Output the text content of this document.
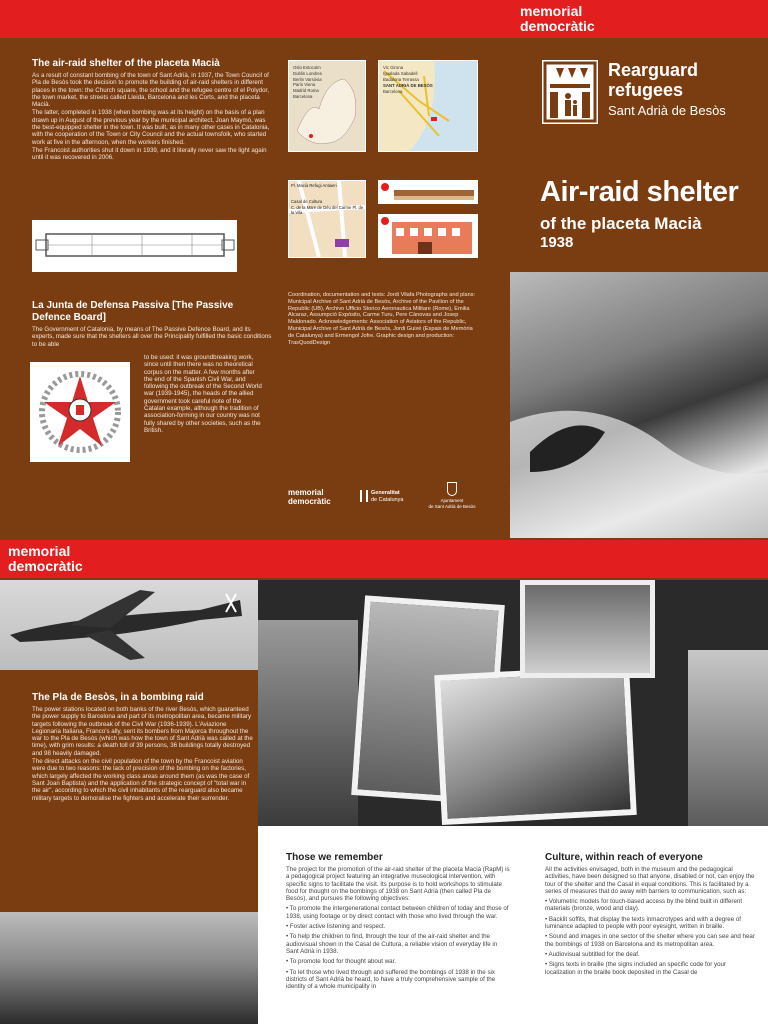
memorial
democràtic
The air-raid shelter of the placeta Macià

As a result of constant bombing of the town of Sant Adrià, in 1937, the Town Council of Pla de Besòs took the decision to promote the building of air-raid shelters in different places in the town: the Church square, the school and the refugee centre of el Polydor, the town market, the streets called Lleida, Barcelona and les Corts, and the placeta Macià.

The latter, completed in 1938 (when bombing was at its height) on the basis of a plan drawn up in August of the previous year by the municipal architect, Joan Maymó, was the best-equipped shelter in the town. It was built, as in many other cases in Catalonia, with the cooperation of the Town or City Council and the actual townsfolk, who started work at five in the afternoon, when the workers finished.

The Francoist authorities shut it down in 1939, and it literally never saw the light again until it was recovered in 2006.

La Junta de Defensa Passiva [The Passive Defence Board]
The Government of Catalonia, by means of The Passive Defence Board, and its experts, made sure that the shelters all over the Principality fulfilled the basic conditions to be able
to be used: it was groundbreaking work, since until then there was no theoretical corpus on the matter. A few months after the end of the Spanish Civil War, and following the outbreak of the Second World war (1939-1945), the heads of the allied government took careful note of the Catalan example, although the tradition of association-forming in our country was not fully shared by other societies, such as the British.
Oslo Estocolm
Dublin Londres
Berlin Varsòvia
París Viena
Madrid Roma
Barcelona
Vic Girona
Igualada Sabadell
Badalona Terrassa
SANT ADRIÀ DE BESÒS
Barcelona
Pl. Macià Refugi Antiaeri

Casal de Cultura
C. de la Mare de Déu del Carme Pl. de la Vila
Coordination, documentation and texts: Jordi Vilafa Photographs and plans: Municipal Archive of Sant Adrià de Besòs, Archive of the Pavilion of the Republic (UB), Archivo Ufficio Storico Aeronautica Militare (Rome), Emilia Alcaraz, Assumpció Expósito, Carme Turu, Pere Cànovas and Josep Maldonado. Acknowledgements: Association of Aviators of the Republic, Municipal Archive of Sant Adrià de Besòs, Jordi Guixé (Espais de Memòria de Catalunya) and Ermengol Jofre. Graphic design and production: TrasQuodDesign
memorial
democràtic
Generalitat
de Catalunya	Ajuntament
de Sant Adrià de Besòs
Rearguard
refugees
Sant Adrià de Besòs
Air-raid shelter
of the placeta Macià
1938
memorial
democràtic
The Pla de Besòs, in a bombing raid

The power stations located on both banks of the river Besòs, which guaranteed the power supply to Barcelona and part of its metropolitan area, became military targets following the outbreak of the Civil War (1936-1939). L'Aviazione Legionaria Italiana, Franco's ally, sent its bombers from Majorca throughout the war to the Pla de Besòs (which was how the town of Sant Adrià was called at the time), with grim results: a death toll of 39 persons, 36 buildings totally destroyed and 98 heavily damaged.

The direct attacks on the civil population of the town by the Francoist aviation were due to two reasons: the lack of precision of the bombing on the factories, which largely affected the working class areas around them (as was the case of Sant Joan Baptista) and the application of the strategic concept of "total war in the air", according to which the civil inhabitants of the rearguard also became military targets to demoralise the fighters and accelerate their surrender.

Those we remember

The project for the promotion of the air-raid shelter of the placeta Macià (RapM) is a pedagogical project featuring an integrative museological intervention, with specific signs to facilitate the visit. Its purpose is to hold workshops to stimulate food for thought on the bombings of 1938 on Sant Adrià (then called Pla de Besòs), and pursues the following objectives:

• To promote the intergenerational contact between children of today and those of 1938, using footage or by direct contact with those who lived through the war.
• Foster active listening and respect.
• To help the children to find, through the tour of the air-raid shelter and the audiovisual shown in the Casal de Cultura, a reliable vision of everyday life in Sant Adrià in 1938.
• To promote food for thought about war.
• To let those who lived through and suffered the bombings of 1938 in the six districts of Sant Adrià be heard, to have a truly comprehensive sample of the identity of a whole municipality in
Culture, within reach of everyone

All the activities envisaged, both in the museum and the pedagogical activities, have been designed so that anyone, disabled or not, can enjoy the tour of the shelter and the Casal in equal conditions. This is facilitated by a series of measures that do away with barriers to communication, such as:

• Volumetric models for touch-based access by the blind built in different materials (bronze, wood and clay).
• Backlit soffits, that display the texts inmacrotypes and with a degree of luminance adapted to people with poor eyesight, written in braille.
• Sound and images in one sector of the shelter where you can see and hear the bombings of 1938 on Barcelona and its metropolitan area.
• Audiovisual subtitled for the deaf.
• Signs texts in braille (the signs included an specific code for your localization in the braille book deposited in the Casal de
